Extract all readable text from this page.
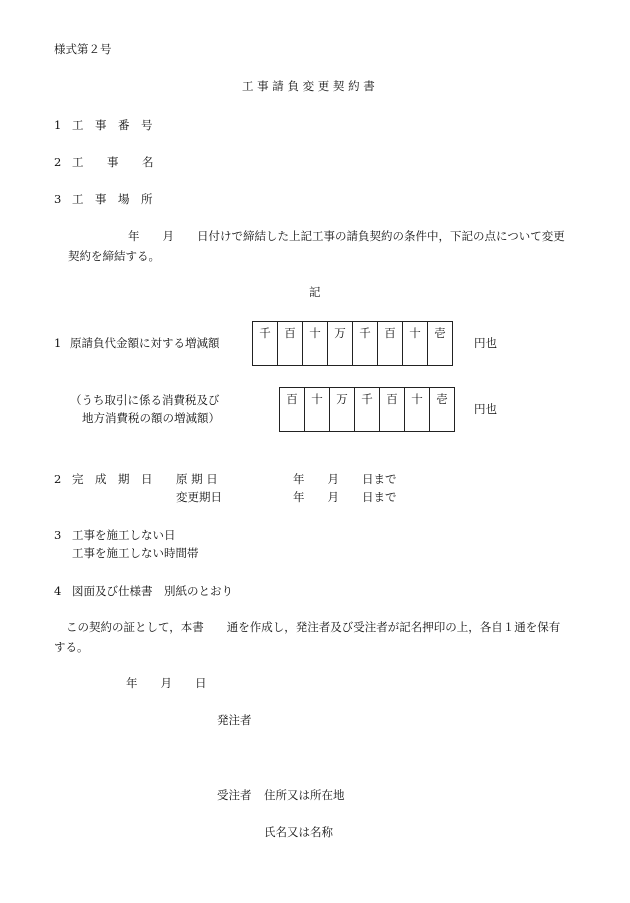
様式第２号
工 事 請 負 変 更 契 約 書
1 工　事　番　号
2 工 事 名
3 工　事　場　所
年　　月　　日付けで締結した上記工事の請負契約の条件中，下記の点について変更
契約を締結する。
記
1 原請負代金額に対する増減額
千	百	十	万	千	百	十	壱
円也
（うち取引に係る消費税及び
地方消費税の額の増減額）
百	十	万	千	百	十	壱
円也
2 完　成　期　日 原 期 日	年　　月　　日まで
変更期日	年　　月　　日まで
3 工事を施工しない日
工事を施工しない時間帯
4 図面及び仕様書　別紙のとおり
この契約の証として，本書　　通を作成し，発注者及び受注者が記名押印の上，各自１通を保有
する。
年　　月　　日
発注者
受注者 住所又は所在地
氏名又は名称
